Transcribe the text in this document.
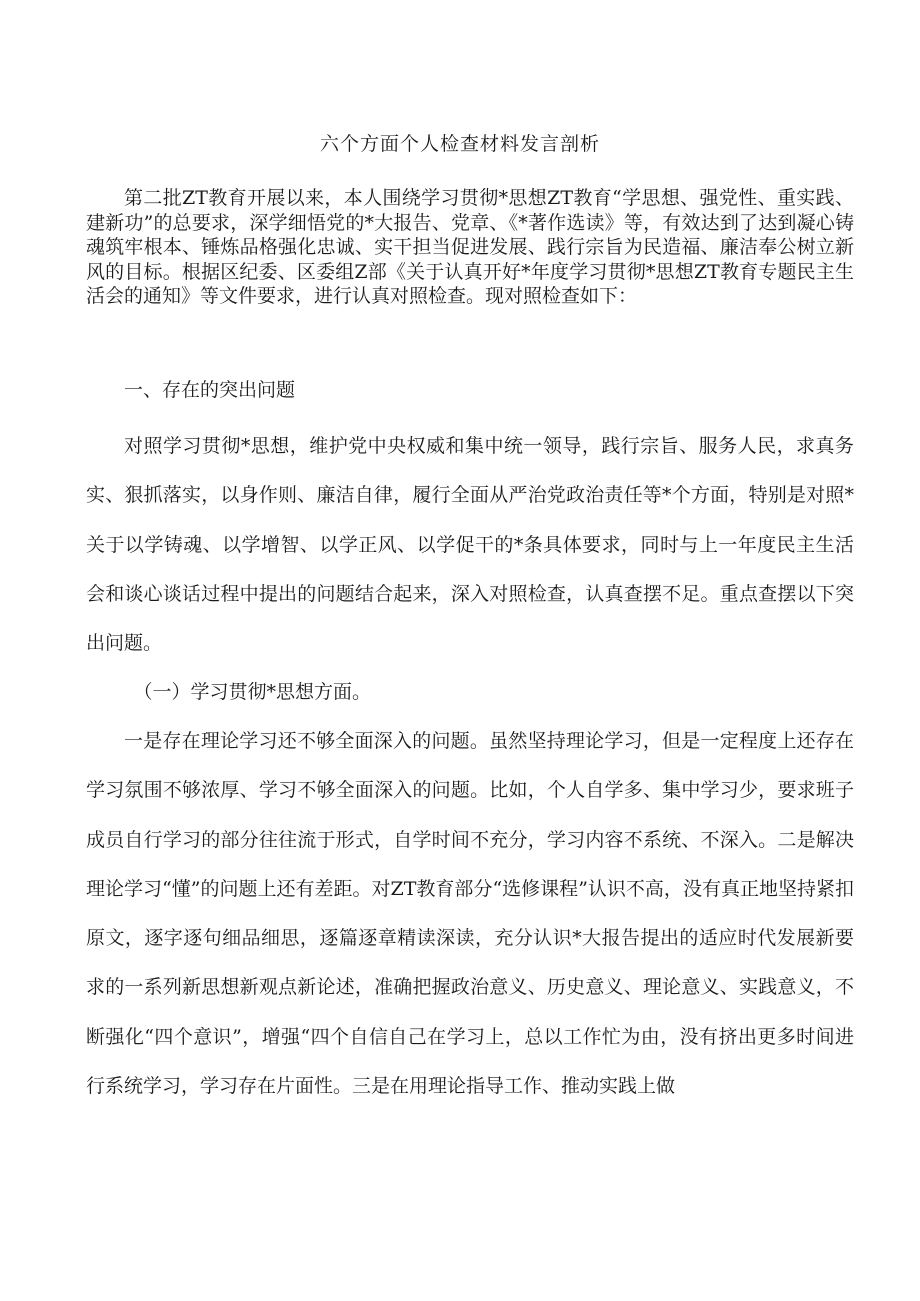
六个方面个人检查材料发言剖析

第二批ZT教育开展以来，本人围绕学习贯彻*思想ZT教育“学思想、强党性、重实践、建新功”的总要求，深学细悟党的*大报告、党章、《*著作选读》等，有效达到了达到凝心铸魂筑牢根本、锤炼品格强化忠诚、实干担当促进发展、践行宗旨为民造福、廉洁奉公树立新风的目标。根据区纪委、区委组Z部《关于认真开好*年度学习贯彻*思想ZT教育专题民主生活会的通知》等文件要求，进行认真对照检查。现对照检查如下：

一、存在的突出问题

对照学习贯彻*思想，维护党中央权威和集中统一领导，践行宗旨、服务人民，求真务实、狠抓落实，以身作则、廉洁自律，履行全面从严治党政治责任等*个方面，特别是对照*关于以学铸魂、以学增智、以学正风、以学促干的*条具体要求，同时与上一年度民主生活会和谈心谈话过程中提出的问题结合起来，深入对照检查，认真查摆不足。重点查摆以下突出问题。

（一）学习贯彻*思想方面。

一是存在理论学习还不够全面深入的问题。虽然坚持理论学习，但是一定程度上还存在学习氛围不够浓厚、学习不够全面深入的问题。比如，个人自学多、集中学习少，要求班子成员自行学习的部分往往流于形式，自学时间不充分，学习内容不系统、不深入。二是解决理论学习“懂”的问题上还有差距。对ZT教育部分“选修课程”认识不高，没有真正地坚持紧扣原文，逐字逐句细品细思，逐篇逐章精读深读，充分认识*大报告提出的适应时代发展新要求的一系列新思想新观点新论述，准确把握政治意义、历史意义、理论意义、实践意义，不断强化“四个意识”，增强“四个自信自己在学习上，总以工作忙为由，没有挤出更多时间进行系统学习，学习存在片面性。三是在用理论指导工作、推动实践上做
